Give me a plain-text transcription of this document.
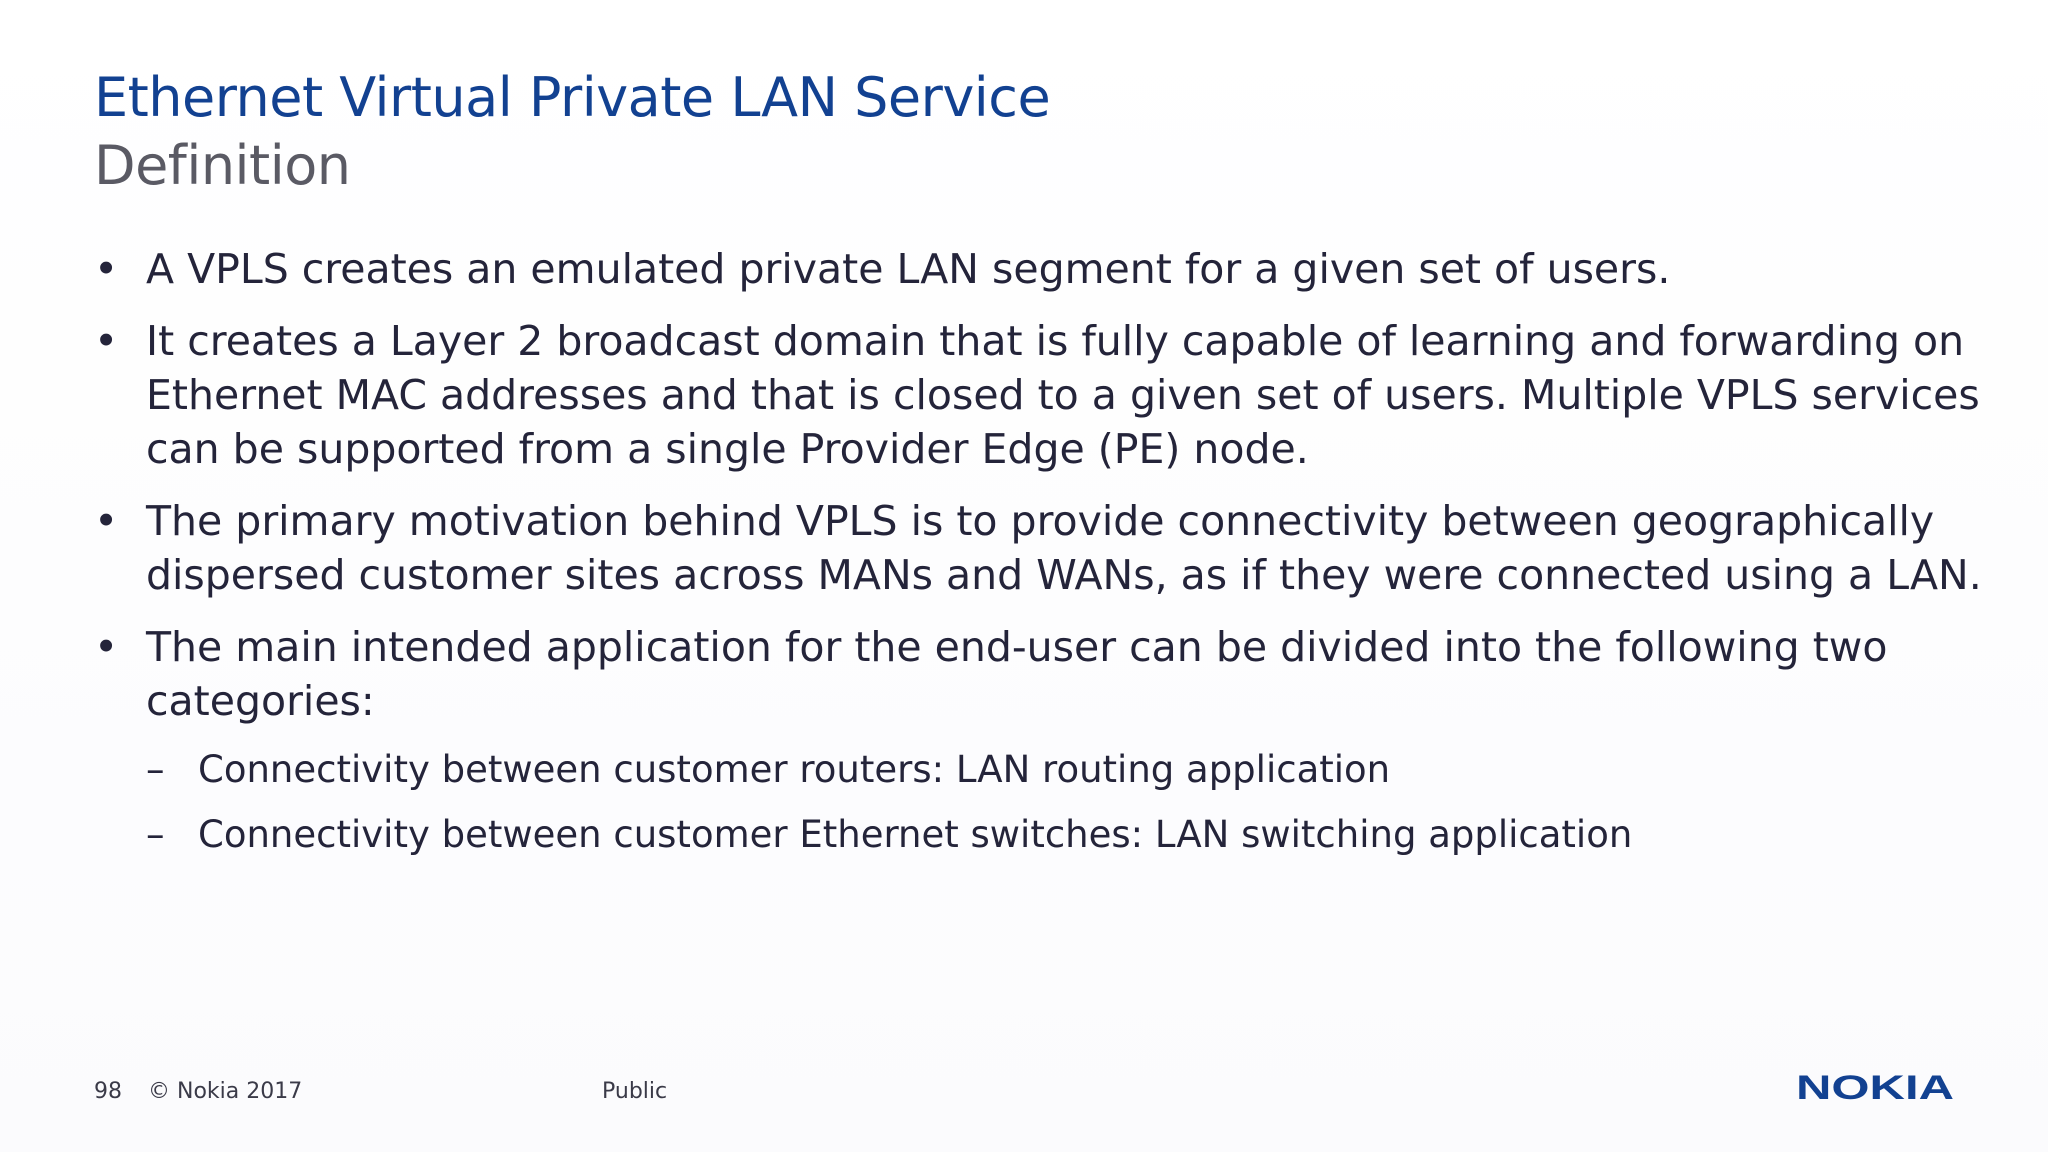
Ethernet Virtual Private LAN Service
Definition
• A VPLS creates an emulated private LAN segment for a given set of users.
• It creates a Layer 2 broadcast domain that is fully capable of learning and forwarding on Ethernet MAC addresses and that is closed to a given set of users. Multiple VPLS services can be supported from a single Provider Edge (PE) node.
• The primary motivation behind VPLS is to provide connectivity between geographically dispersed customer sites across MANs and WANs, as if they were connected using a LAN.
• The main intended application for the end-user can be divided into the following two categories:
– Connectivity between customer routers: LAN routing application
– Connectivity between customer Ethernet switches: LAN switching application
98 © Nokia 2017	Public	NOKIA
